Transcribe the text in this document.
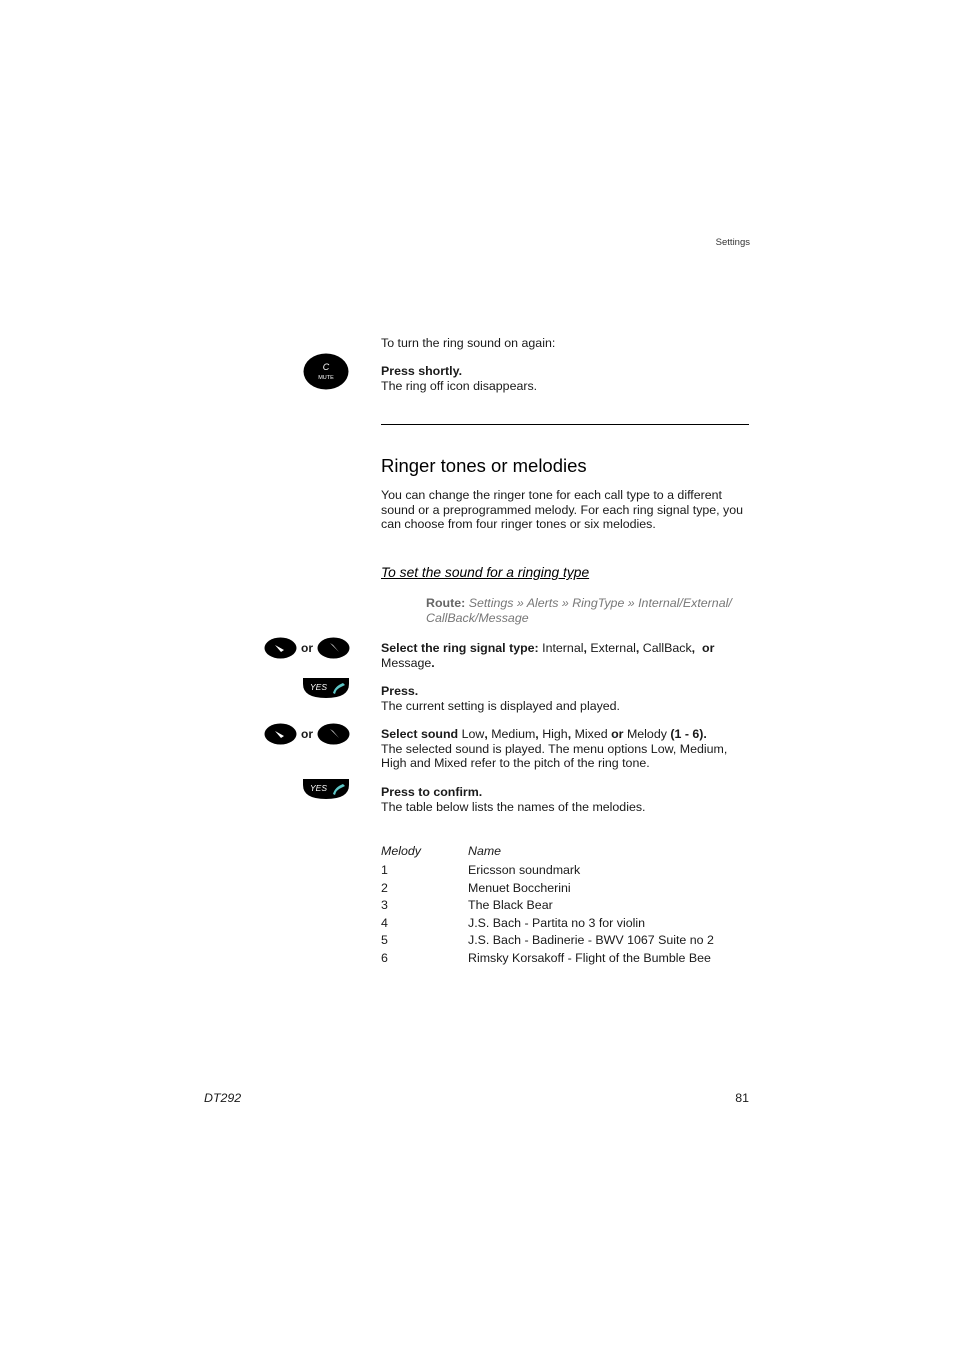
Settings
To turn the ring sound on again:
C
MUTE	Press shortly.
The ring off icon disappears.
Ringer tones or melodies
You can change the ringer tone for each call type to a different sound or a preprogrammed melody. For each ring signal type, you can choose from four ringer tones or six melodies.
To set the sound for a ringing type
Route: Settings » Alerts » RingType » Internal/External/ CallBack/Message
or	Select the ring signal type: Internal, External, CallBack,  or Message.
YES	Press.
The current setting is displayed and played.
or	Select sound Low, Medium, High, Mixed or Melody (1 - 6).
The selected sound is played. The menu options Low, Medium, High and Mixed refer to the pitch of the ring tone.
YES	Press to confirm.
The table below lists the names of the melodies.
Melody	Name
1	Ericsson soundmark
2	Menuet Boccherini
3	The Black Bear
4	J.S. Bach - Partita no 3 for violin
5	J.S. Bach - Badinerie - BWV 1067 Suite no 2
6	Rimsky Korsakoff - Flight of the Bumble Bee
DT292	81
